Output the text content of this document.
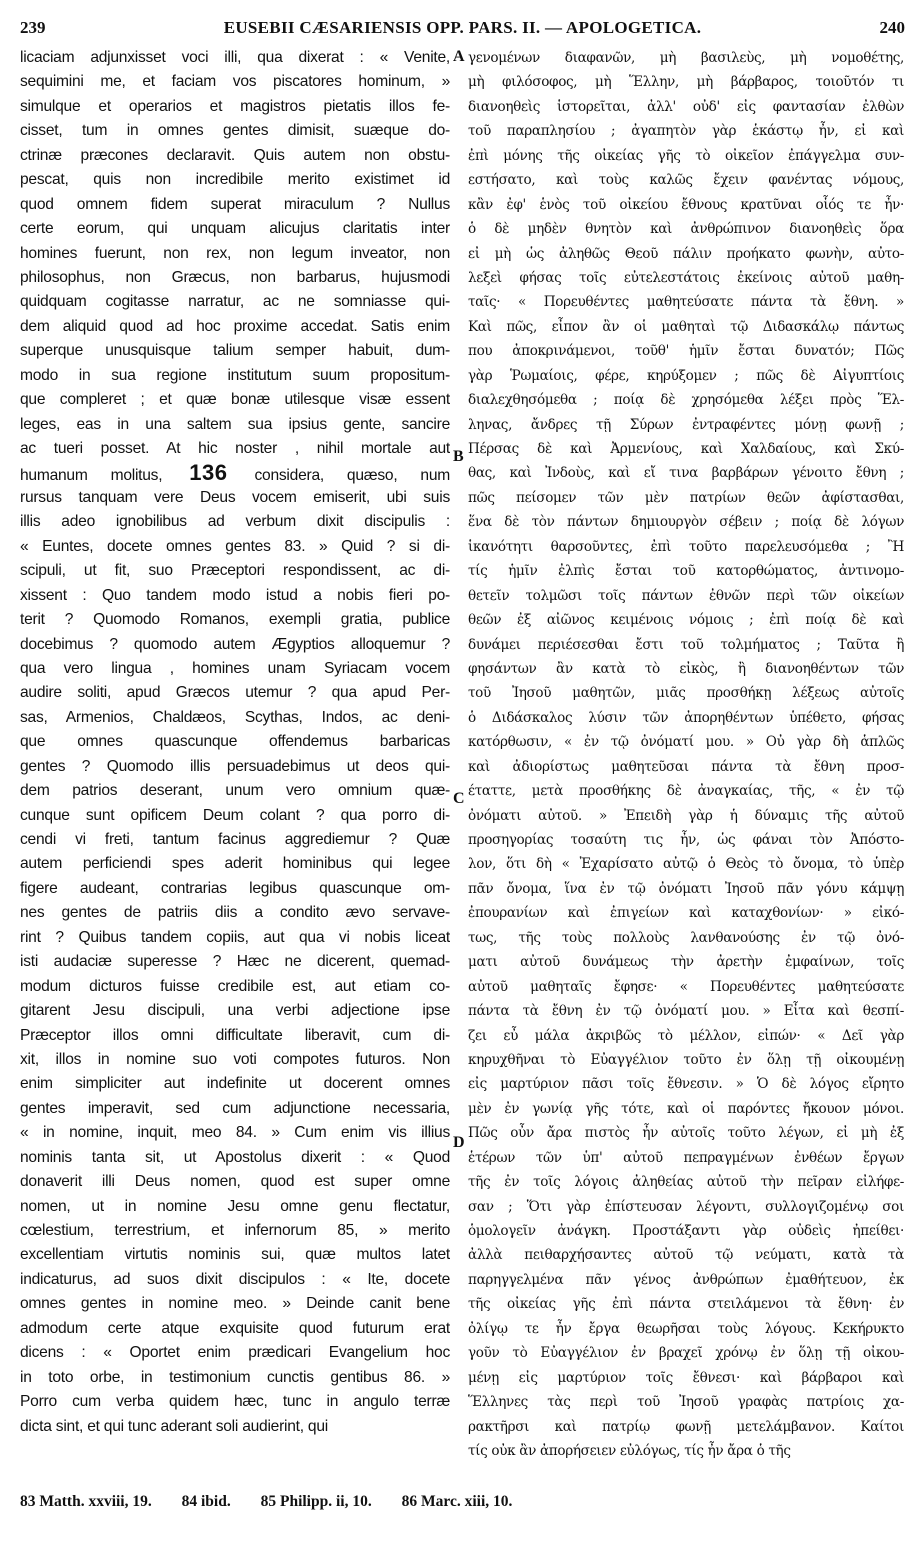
239	EUSEBII CÆSARIENSIS OPP. PARS. II. — APOLOGETICA.	240
licaciam adjunxisset voci illi, qua dixerat : « Venite,
sequimini me, et faciam vos piscatores hominum, »
simulque et operarios et magistros pietatis illos fe-
cisset, tum in omnes gentes dimisit, suæque do-
ctrinæ præcones declaravit. Quis autem non obstu-
pescat, quis non incredibile merito existimet id
quod omnem fidem superat miraculum ? Nullus
certe eorum, qui unquam alicujus claritatis inter
homines fuerunt, non rex, non legum inveator, non
philosophus, non Græcus, non barbarus, hujusmodi
quidquam cogitasse narratur, ac ne somniasse qui-
dem aliquid quod ad hoc proxime accedat. Satis enim
superque unusquisque talium semper habuit, dum-
modo in sua regione institutum suum propositum-
que compleret ; et quæ bonæ utilesque visæ essent
leges, eas in una saltem sua ipsius gente, sancire
ac tueri posset. At hic noster , nihil mortale aut
humanum molitus, 136 considera, quæso, num
rursus tanquam vere Deus vocem emiserit, ubi suis
illis adeo ignobilibus ad verbum dixit discipulis :
« Euntes, docete omnes gentes 83. » Quid ? si di-
scipuli, ut fit, suo Præceptori respondissent, ac di-
xissent : Quo tandem modo istud a nobis fieri po-
terit ? Quomodo Romanos, exempli gratia, publice
docebimus ? quomodo autem Ægyptios alloquemur ?
qua vero lingua , homines unam Syriacam vocem
audire soliti, apud Græcos utemur ? qua apud Per-
sas, Armenios, Chaldæos, Scythas, Indos, ac deni-
que omnes quascunque offendemus barbaricas
gentes ? Quomodo illis persuadebimus ut deos qui-
dem patrios deserant, unum vero omnium quæ-
cunque sunt opificem Deum colant ? qua porro di-
cendi vi freti, tantum facinus aggrediemur ? Quæ
autem perficiendi spes aderit hominibus qui legee
figere audeant, contrarias legibus quascunque om-
nes gentes de patriis diis a condito ævo servave-
rint ? Quibus tandem copiis, aut qua vi nobis liceat
isti audaciæ superesse ? Hæc ne dicerent, quemad-
modum dicturos fuisse credibile est, aut etiam co-
gitarent Jesu discipuli, una verbi adjectione ipse
Præceptor illos omni difficultate liberavit, cum di-
xit, illos in nomine suo voti compotes futuros. Non
enim simpliciter aut indefinite ut docerent omnes
gentes imperavit, sed cum adjunctione necessaria,
« in nomine, inquit, meo 84. » Cum enim vis illius
nominis tanta sit, ut Apostolus dixerit : « Quod
donaverit illi Deus nomen, quod est super omne
nomen, ut in nomine Jesu omne genu flectatur,
cœlestium, terrestrium, et infernorum 85, » merito
excellentiam virtutis nominis sui, quæ multos latet
indicaturus, ad suos dixit discipulos : « Ite, docete
omnes gentes in nomine meo. » Deinde canit bene
admodum certe atque exquisite quod futurum erat
dicens : « Oportet enim prædicari Evangelium hoc
in toto orbe, in testimonium cunctis gentibus 86. »
Porro cum verba quidem hæc, tunc in angulo terræ
dicta sint, et qui tunc aderant soli audierint, qui
γενομένων διαφανῶν, μὴ βασιλεὺς, μὴ νομοθέτης,
μὴ φιλόσοφος, μὴ Ἕλλην, μὴ βάρβαρος, τοιοῦτόν τι
διανοηθεὶς ἱστορεῖται, ἀλλ' οὐδ' εἰς φαντασίαν ἐλθὼν
τοῦ παραπλησίου ; ἀγαπητὸν γὰρ ἑκάστῳ ἦν, εἰ καὶ
ἐπὶ μόνης τῆς οἰκείας γῆς τὸ οἰκεῖον ἐπάγγελμα συν-
εστήσατο, καὶ τοὺς καλῶς ἔχειν φανέντας νόμους,
κἂν ἐφ' ἑνὸς τοῦ οἰκείου ἔθνους κρατῦναι οἷός τε ἦν·
ὁ δὲ μηδὲν θνητὸν καὶ ἀνθρώπινον διανοηθεὶς ὅρα
εἰ μὴ ὡς ἀληθῶς Θεοῦ πάλιν προήκατο φωνὴν, αὐτο-
λεξεὶ φήσας τοῖς εὐτελεστάτοις ἐκείνοις αὐτοῦ μαθη-
ταῖς· « Πορευθέντες μαθητεύσατε πάντα τὰ ἔθνη. »
Καὶ πῶς, εἶπον ἂν οἱ μαθηταὶ τῷ Διδασκάλῳ πάντως
που ἀποκρινάμενοι, τοῦθ' ἡμῖν ἔσται δυνατόν; Πῶς
γὰρ Ῥωμαίοις, φέρε, κηρύξομεν ; πῶς δὲ Αἰγυπτίοις
διαλεχθησόμεθα ; ποίᾳ δὲ χρησόμεθα λέξει πρὸς Ἕλ-
ληνας, ἄνδρες τῇ Σύρων ἐντραφέντες μόνῃ φωνῇ ;
Πέρσας δὲ καὶ Ἀρμενίους, καὶ Χαλδαίους, καὶ Σκύ-
θας, καὶ Ἰνδοὺς, καὶ εἴ τινα βαρβάρων γένοιτο ἔθνη ;
πῶς πείσομεν τῶν μὲν πατρίων θεῶν ἀφίστασθαι,
ἕνα δὲ τὸν πάντων δημιουργὸν σέβειν ; ποίᾳ δὲ λόγων
ἱκανότητι θαρσοῦντες, ἐπὶ τοῦτο παρελευσόμεθα ; Ἢ
τίς ἡμῖν ἐλπὶς ἔσται τοῦ κατορθώματος, ἀντινομο-
θετεῖν τολμῶσι τοῖς πάντων ἐθνῶν περὶ τῶν οἰκείων
θεῶν ἐξ αἰῶνος κειμένοις νόμοις ; ἐπὶ ποίᾳ δὲ καὶ
δυνάμει περιέσεσθαι ἔστι τοῦ τολμήματος ; Ταῦτα ἢ
φησάντων ἂν κατὰ τὸ εἰκὸς, ἢ διανοηθέντων τῶν
τοῦ Ἰησοῦ μαθητῶν, μιᾶς προσθήκῃ λέξεως αὐτοῖς
ὁ Διδάσκαλος λύσιν τῶν ἀπορηθέντων ὑπέθετο, φήσας
κατόρθωσιν, « ἐν τῷ ὀνόματί μου. » Οὐ γὰρ δὴ ἁπλῶς
καὶ ἀδιορίστως μαθητεῦσαι πάντα τὰ ἔθνη προσ-
έταττε, μετὰ προσθήκης δὲ ἀναγκαίας, τῆς, « ἐν τῷ
ὀνόματι αὐτοῦ. » Ἐπειδὴ γὰρ ἡ δύναμις τῆς αὐτοῦ
προσηγορίας τοσαύτη τις ἦν, ὡς φάναι τὸν Ἀπόστο-
λον, ὅτι δὴ « Ἐχαρίσατο αὐτῷ ὁ Θεὸς τὸ ὄνομα, τὸ ὑπὲρ
πᾶν ὄνομα, ἵνα ἐν τῷ ὀνόματι Ἰησοῦ πᾶν γόνυ κάμψῃ
ἐπουρανίων καὶ ἐπιγείων καὶ καταχθονίων· » εἰκό-
τως, τῆς τοὺς πολλοὺς λανθανούσης ἐν τῷ ὀνό-
ματι αὐτοῦ δυνάμεως τὴν ἀρετὴν ἐμφαίνων, τοῖς
αὐτοῦ μαθηταῖς ἔφησε· « Πορευθέντες μαθητεύσατε
πάντα τὰ ἔθνη ἐν τῷ ὀνόματί μου. » Εἶτα καὶ θεσπί-
ζει εὖ μάλα ἀκριβῶς τὸ μέλλον, εἰπών· « Δεῖ γὰρ
κηρυχθῆναι τὸ Εὐαγγέλιον τοῦτο ἐν ὅλῃ τῇ οἰκουμένῃ
εἰς μαρτύριον πᾶσι τοῖς ἔθνεσιν. » Ὁ δὲ λόγος εἴρητο
μὲν ἐν γωνίᾳ γῆς τότε, καὶ οἱ παρόντες ἤκουον μόνοι.
Πῶς οὖν ἄρα πιστὸς ἦν αὐτοῖς τοῦτο λέγων, εἰ μὴ ἐξ
ἑτέρων τῶν ὑπ' αὐτοῦ πεπραγμένων ἐνθέων ἔργων
τῆς ἐν τοῖς λόγοις ἀληθείας αὐτοῦ τὴν πεῖραν εἰλήφε-
σαν ; Ὅτι γὰρ ἐπίστευσαν λέγοντι, συλλογιζομένῳ σοι
ὁμολογεῖν ἀνάγκη. Προστάξαντι γὰρ οὐδεὶς ἠπείθει·
ἀλλὰ πειθαρχήσαντες αὐτοῦ τῷ νεύματι, κατὰ τὰ
παρηγγελμένα πᾶν γένος ἀνθρώπων ἐμαθήτευον, ἐκ
τῆς οἰκείας γῆς ἐπὶ πάντα στειλάμενοι τὰ ἔθνη· ἐν
ὀλίγῳ τε ἦν ἔργα θεωρῆσαι τοὺς λόγους. Κεκήρυκτο
γοῦν τὸ Εὐαγγέλιον ἐν βραχεῖ χρόνῳ ἐν ὅλῃ τῇ οἰκου-
μένῃ εἰς μαρτύριον τοῖς ἔθνεσι· καὶ βάρβαροι καὶ
Ἕλληνες τὰς περὶ τοῦ Ἰησοῦ γραφὰς πατρίοις χα-
ρακτῆρσι καὶ πατρίῳ φωνῇ μετελάμβανον. Καίτοι
τίς οὐκ ἂν ἀπορήσειεν εὐλόγως, τίς ἦν ἄρα ὁ τῆς
A
B
C
D
83 Matth. xxviii, 19. 84 ibid. 85 Philipp. ii, 10. 86 Marc. xiii, 10.
